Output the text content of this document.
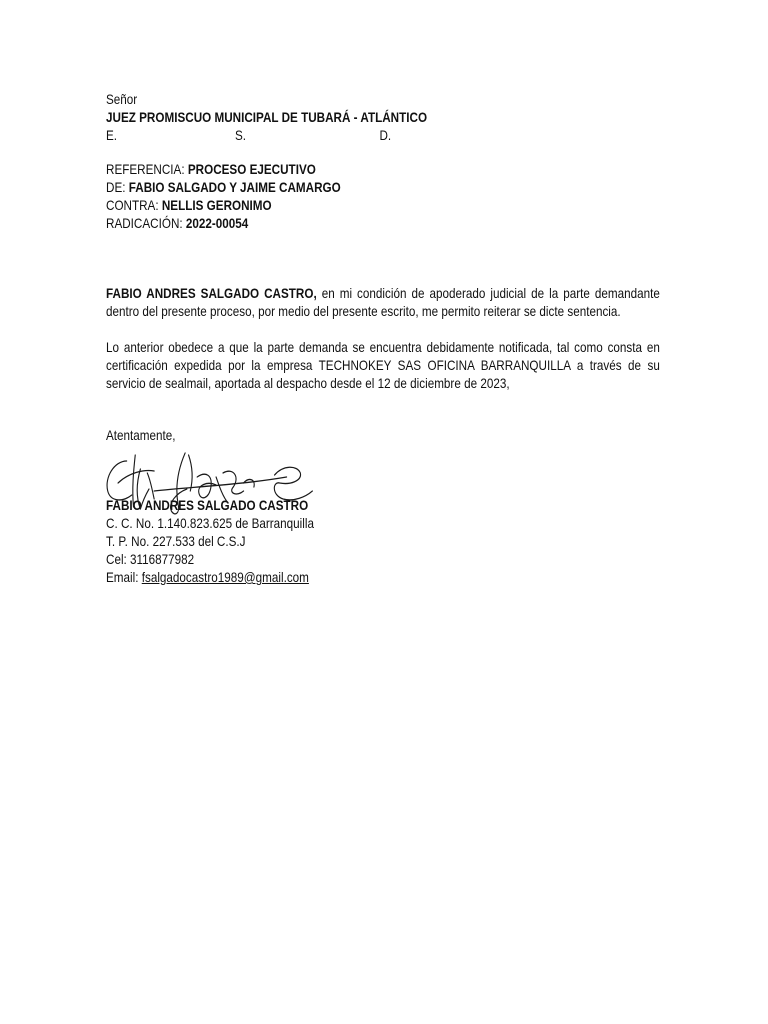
Señor
JUEZ PROMISCUO MUNICIPAL DE TUBARÁ - ATLÁNTICO
E.	S.	D.
REFERENCIA: PROCESO EJECUTIVO
DE: FABIO SALGADO Y JAIME CAMARGO
CONTRA: NELLIS GERONIMO
RADICACIÓN: 2022-00054
FABIO ANDRES SALGADO CASTRO, en mi condición de apoderado judicial de la parte demandante dentro del presente proceso, por medio del presente escrito, me permito reiterar se dicte sentencia.
Lo anterior obedece a que la parte demanda se encuentra debidamente notificada, tal como consta en certificación expedida por la empresa TECHNOKEY SAS OFICINA BARRANQUILLA a través de su servicio de sealmail, aportada al despacho desde el 12 de diciembre de 2023,
Atentamente,
FABIO ANDRES SALGADO CASTRO
C. C. No. 1.140.823.625 de Barranquilla
T. P. No. 227.533 del C.S.J
Cel: 3116877982
Email: fsalgadocastro1989@gmail.com
